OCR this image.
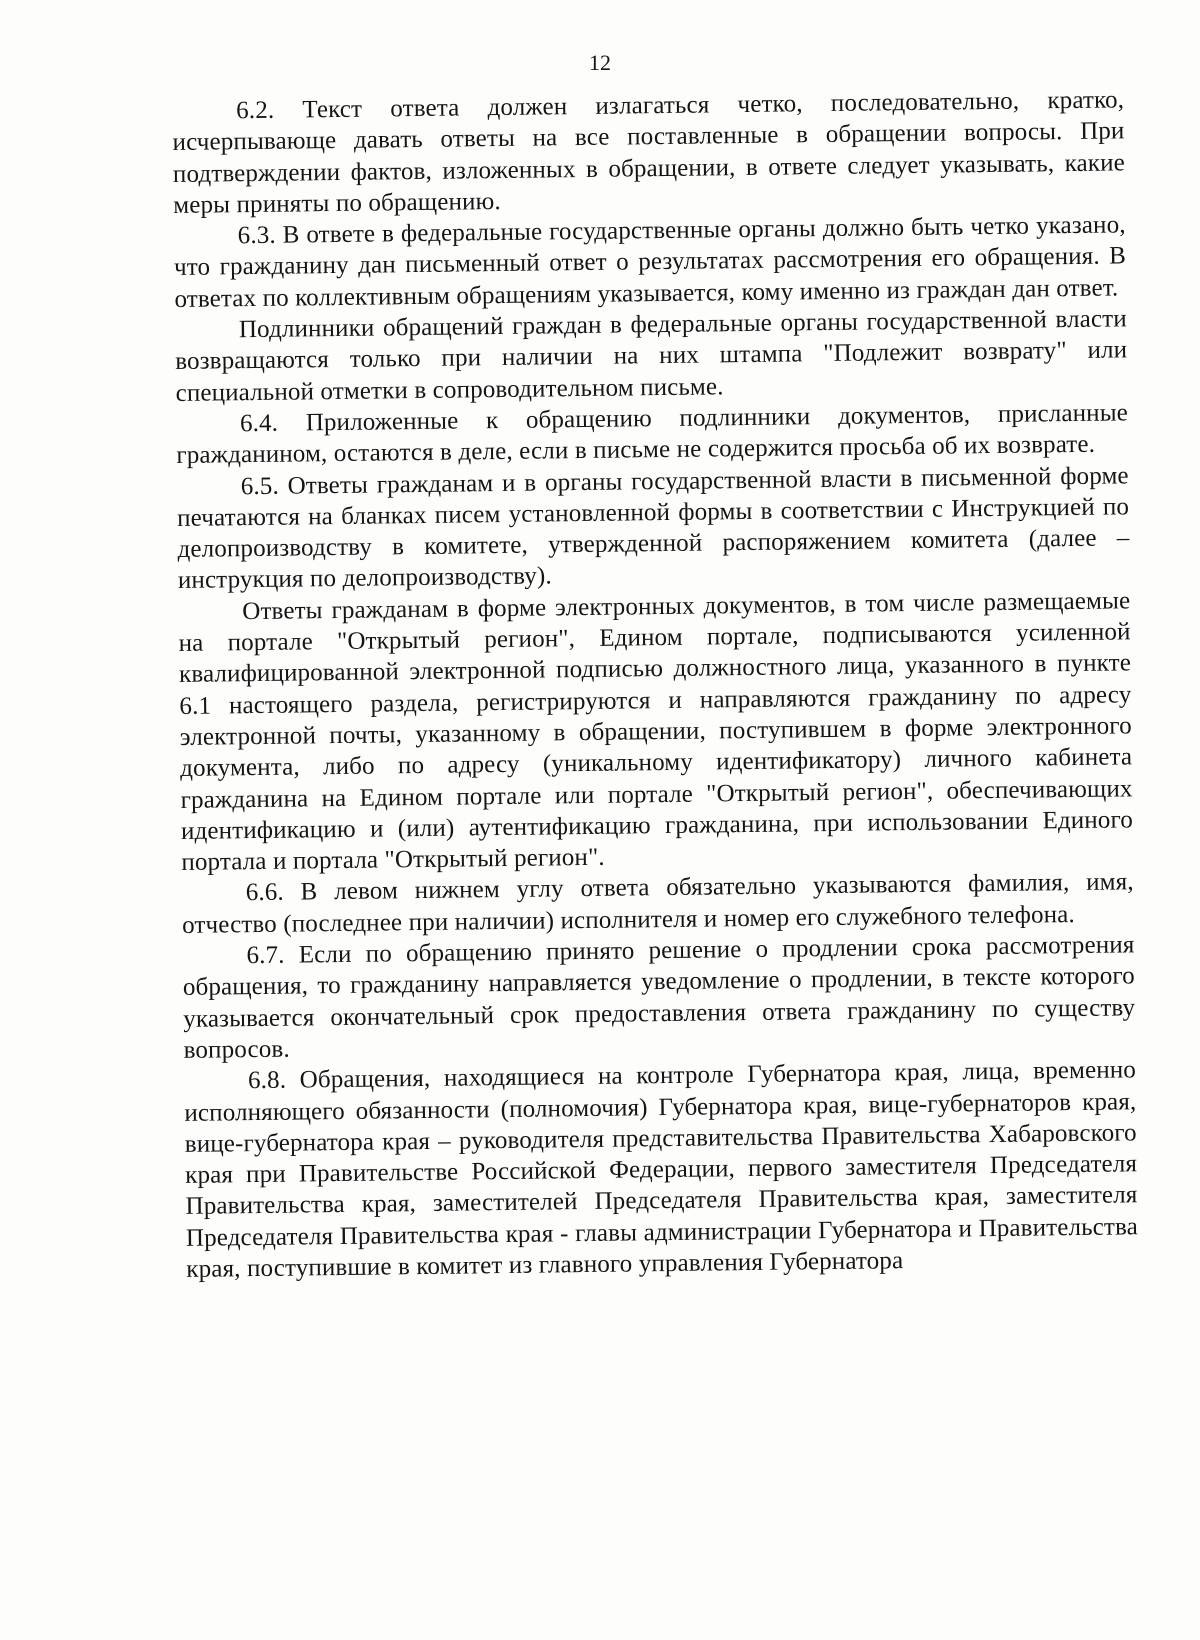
12

6.2. Текст ответа должен излагаться четко, последовательно, кратко, исчерпывающе давать ответы на все поставленные в обращении вопросы. При подтверждении фактов, изложенных в обращении, в ответе следует указывать, какие меры приняты по обращению.

6.3. В ответе в федеральные государственные органы должно быть четко указано, что гражданину дан письменный ответ о результатах рассмотрения его обращения. В ответах по коллективным обращениям указывается, кому именно из граждан дан ответ.

Подлинники обращений граждан в федеральные органы государственной власти возвращаются только при наличии на них штампа "Подлежит возврату" или специальной отметки в сопроводительном письме.

6.4. Приложенные к обращению подлинники документов, присланные гражданином, остаются в деле, если в письме не содержится просьба об их возврате.

6.5. Ответы гражданам и в органы государственной власти в письменной форме печатаются на бланках писем установленной формы в соответствии с Инструкцией по делопроизводству в комитете, утвержденной распоряжением комитета (далее – инструкция по делопроизводству).

Ответы гражданам в форме электронных документов, в том числе размещаемые на портале "Открытый регион", Едином портале, подписываются усиленной квалифицированной электронной подписью должностного лица, указанного в пункте 6.1 настоящего раздела, регистрируются и направляются гражданину по адресу электронной почты, указанному в обращении, поступившем в форме электронного документа, либо по адресу (уникальному идентификатору) личного кабинета гражданина на Едином портале или портале "Открытый регион", обеспечивающих идентификацию и (или) аутентификацию гражданина, при использовании Единого портала и портала "Открытый регион".

6.6. В левом нижнем углу ответа обязательно указываются фамилия, имя, отчество (последнее при наличии) исполнителя и номер его служебного телефона.

6.7. Если по обращению принято решение о продлении срока рассмотрения обращения, то гражданину направляется уведомление о продлении, в тексте которого указывается окончательный срок предоставления ответа гражданину по существу вопросов.

6.8. Обращения, находящиеся на контроле Губернатора края, лица, временно исполняющего обязанности (полномочия) Губернатора края, вице-губернаторов края, вице-губернатора края – руководителя представительства Правительства Хабаровского края при Правительстве Российской Федерации, первого заместителя Председателя Правительства края, заместителей Председателя Правительства края, заместителя Председателя Правительства края - главы администрации Губернатора и Правительства края, поступившие в комитет из главного управления Губернатора
